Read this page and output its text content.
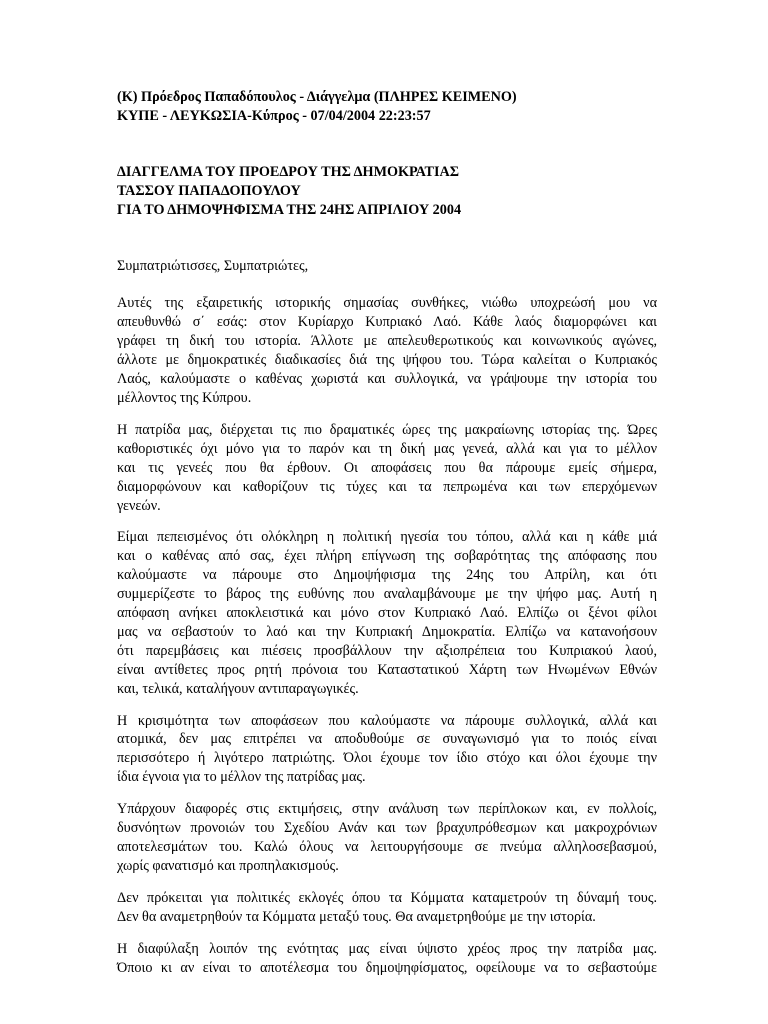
(Κ) Πρόεδρος Παπαδόπουλος - Διάγγελμα (ΠΛΗΡΕΣ ΚΕΙΜΕΝΟ)
ΚΥΠΕ - ΛΕΥΚΩΣΙΑ-Κύπρος - 07/04/2004 22:23:57
ΔΙΑΓΓΕΛΜΑ ΤΟΥ ΠΡΟΕΔΡΟΥ ΤΗΣ ΔΗΜΟΚΡΑΤΙΑΣ
ΤΑΣΣΟΥ ΠΑΠΑΔΟΠΟΥΛΟΥ
ΓΙΑ ΤΟ ΔΗΜΟΨΗΦΙΣΜΑ ΤΗΣ 24ΗΣ ΑΠΡΙΛΙΟΥ 2004
Συμπατριώτισσες, Συμπατριώτες,
Αυτές της εξαιρετικής ιστορικής σημασίας συνθήκες, νιώθω υποχρεώσή μου να
απευθυνθώ σ΄ εσάς: στον Κυρίαρχο Κυπριακό Λαό. Κάθε λαός διαμορφώνει και
γράφει τη δική του ιστορία. Άλλοτε με απελευθερωτικούς και κοινωνικούς αγώνες,
άλλοτε με δημοκρατικές διαδικασίες διά της ψήφου του. Τώρα καλείται ο Κυπριακός
Λαός, καλούμαστε ο καθένας χωριστά και συλλογικά, να γράψουμε την ιστορία του
μέλλοντος της Κύπρου.
Η πατρίδα μας, διέρχεται τις πιο δραματικές ώρες της μακραίωνης ιστορίας της. Ώρες
καθοριστικές όχι μόνο για το παρόν και τη δική μας γενεά, αλλά και για το μέλλον
και τις γενεές που θα έρθουν. Οι αποφάσεις που θα πάρουμε εμείς σήμερα,
διαμορφώνουν και καθορίζουν τις τύχες και τα πεπρωμένα και των επερχόμενων
γενεών.
Είμαι πεπεισμένος ότι ολόκληρη η πολιτική ηγεσία του τόπου, αλλά και η κάθε μιά
και ο καθένας από σας, έχει πλήρη επίγνωση της σοβαρότητας της απόφασης που
καλούμαστε να πάρουμε στο Δημοψήφισμα της 24ης του Απρίλη, και ότι
συμμερίζεστε το βάρος της ευθύνης που αναλαμβάνουμε με την ψήφο μας. Αυτή η
απόφαση ανήκει αποκλειστικά και μόνο στον Κυπριακό Λαό. Ελπίζω οι ξένοι φίλοι
μας να σεβαστούν το λαό και την Κυπριακή Δημοκρατία. Ελπίζω να κατανοήσουν
ότι παρεμβάσεις και πιέσεις προσβάλλουν την αξιοπρέπεια του Κυπριακού λαού,
είναι αντίθετες προς ρητή πρόνοια του Καταστατικού Χάρτη των Ηνωμένων Εθνών
και, τελικά, καταλήγουν αντιπαραγωγικές.
Η κρισιμότητα των αποφάσεων που καλούμαστε να πάρουμε συλλογικά, αλλά και
ατομικά, δεν μας επιτρέπει να αποδυθούμε σε συναγωνισμό για το ποιός είναι
περισσότερο ή λιγότερο πατριώτης. Όλοι έχουμε τον ίδιο στόχο και όλοι έχουμε την
ίδια έγνοια για το μέλλον της πατρίδας μας.
Υπάρχουν διαφορές στις εκτιμήσεις, στην ανάλυση των περίπλοκων και, εν πολλοίς,
δυσνόητων προνοιών του Σχεδίου Ανάν και των βραχυπρόθεσμων και μακροχρόνιων
αποτελεσμάτων του. Καλώ όλους να λειτουργήσουμε σε πνεύμα αλληλοσεβασμού,
χωρίς φανατισμό και προπηλακισμούς.
Δεν πρόκειται για πολιτικές εκλογές όπου τα Κόμματα καταμετρούν τη δύναμή τους.
Δεν θα αναμετρηθούν τα Κόμματα μεταξύ τους. Θα αναμετρηθούμε με την ιστορία.
Η διαφύλαξη λοιπόν της ενότητας μας είναι ύψιστο χρέος προς την πατρίδα μας.
Όποιο κι αν είναι το αποτέλεσμα του δημοψηφίσματος, οφείλουμε να το σεβαστούμε
